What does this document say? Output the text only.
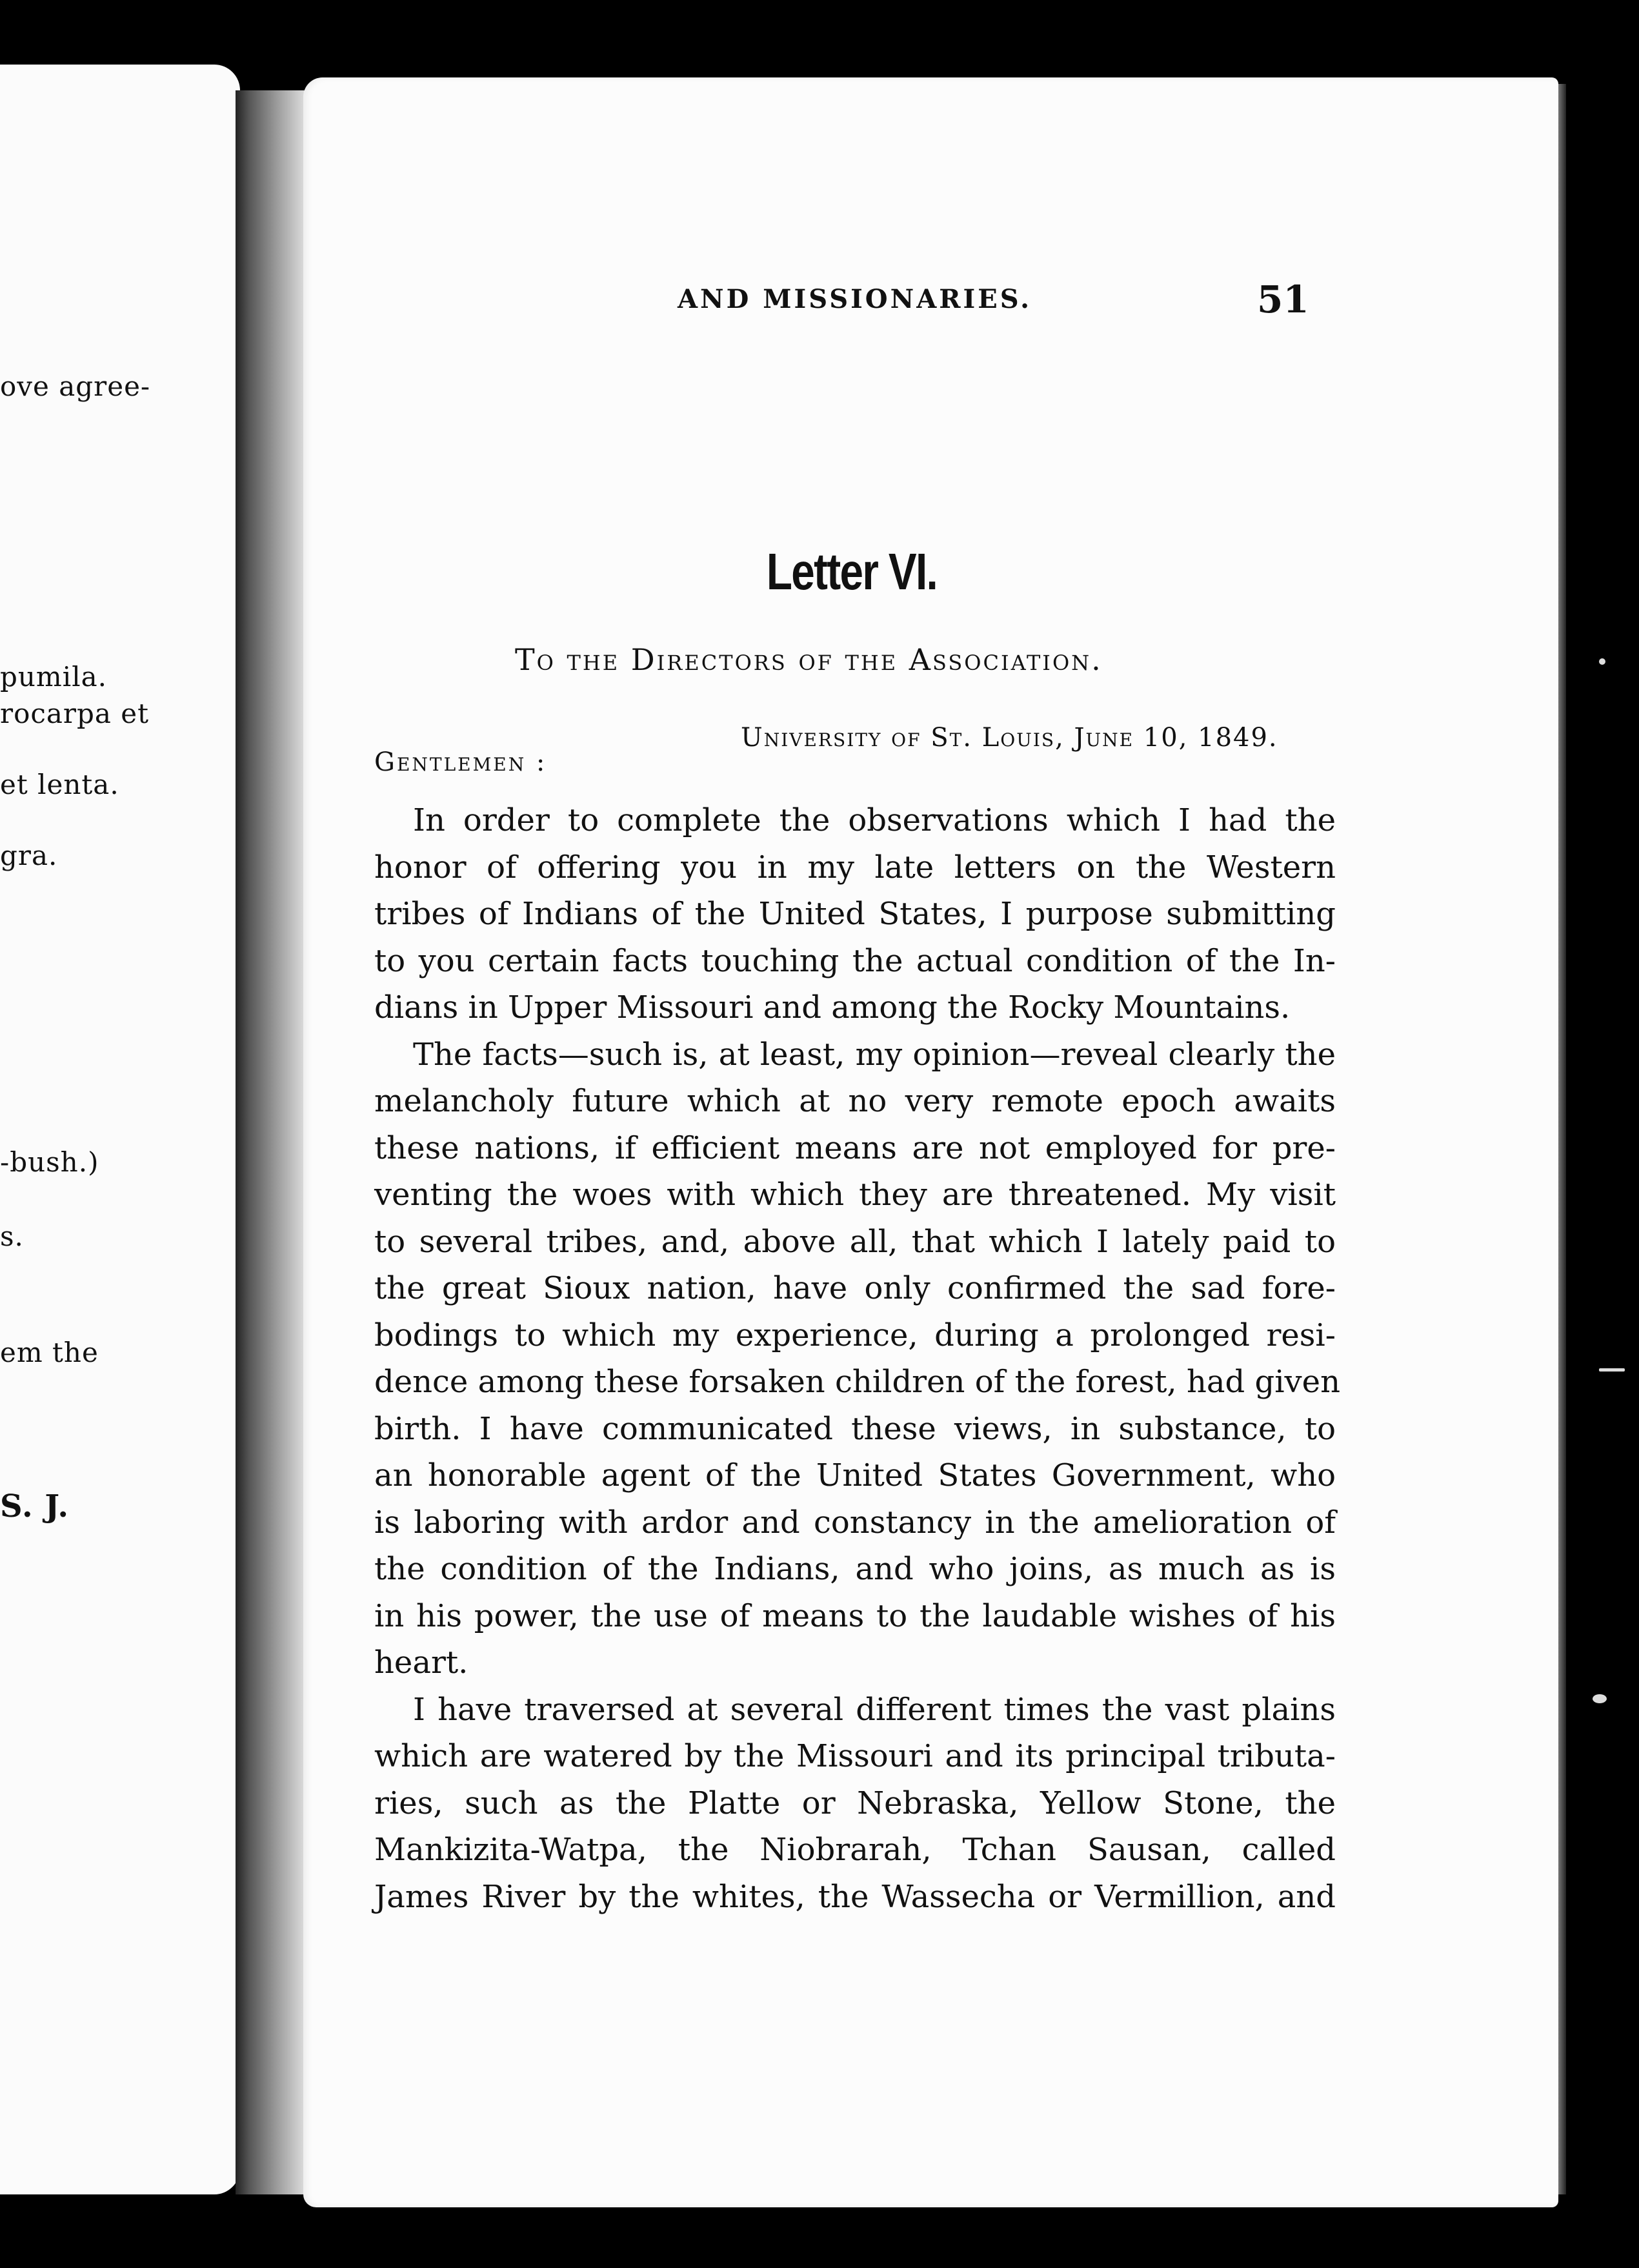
ove agree-
pumila.
rocarpa et
et lenta.
gra.
-bush.)
s.
em the
S. J.
AND MISSIONARIES.	51
Letter VI.
To the Directors of the Association.
University of St. Louis, June 10, 1849.
Gentlemen :
In order to complete the observations which I had the
honor of offering you in my late letters on the Western
tribes of Indians of the United States, I purpose submitting
to you certain facts touching the actual condition of the In-
dians in Upper Missouri and among the Rocky Mountains.
The facts—such is, at least, my opinion—reveal clearly the
melancholy future which at no very remote epoch awaits
these nations, if efficient means are not employed for pre-
venting the woes with which they are threatened. My visit
to several tribes, and, above all, that which I lately paid to
the great Sioux nation, have only confirmed the sad fore-
bodings to which my experience, during a prolonged resi-
dence among these forsaken children of the forest, had given
birth. I have communicated these views, in substance, to
an honorable agent of the United States Government, who
is laboring with ardor and constancy in the amelioration of
the condition of the Indians, and who joins, as much as is
in his power, the use of means to the laudable wishes of his
heart.
I have traversed at several different times the vast plains
which are watered by the Missouri and its principal tributa-
ries, such as the Platte or Nebraska, Yellow Stone, the
Mankizita-Watpa, the Niobrarah, Tchan Sausan, called
James River by the whites, the Wassecha or Vermillion, and
